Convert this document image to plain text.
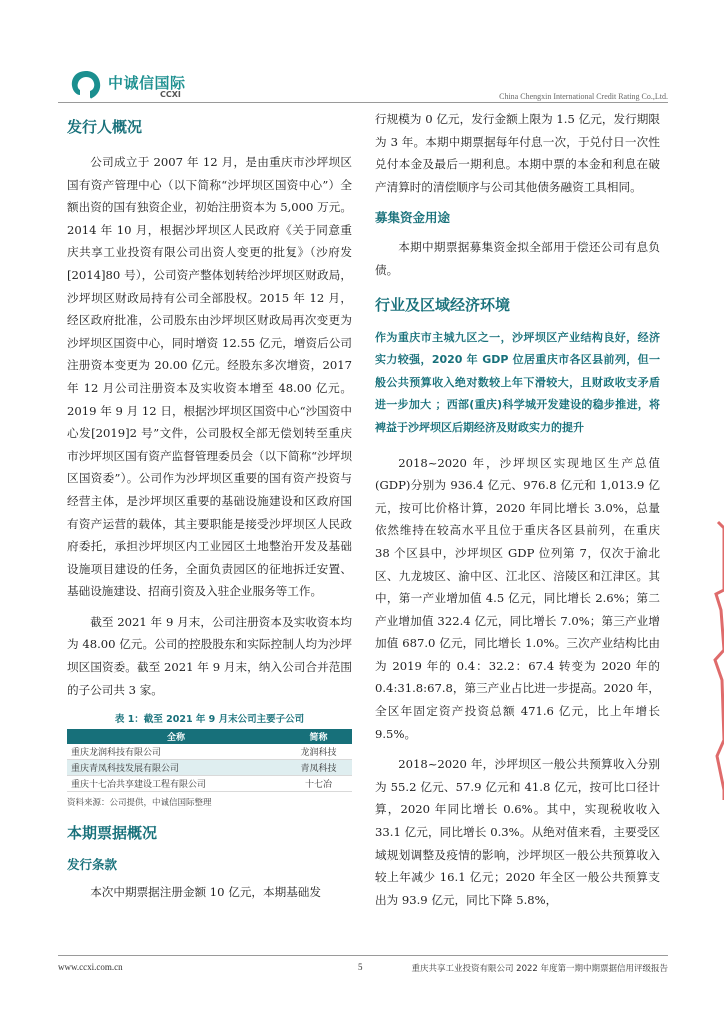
中诚信国际
CCXI	China Chengxin International Credit Rating Co.,Ltd.
发行人概况

公司成立于 2007 年 12 月，是由重庆市沙坪坝区国有资产管理中心（以下简称“沙坪坝区国资中心”）全额出资的国有独资企业，初始注册资本为 5,000 万元。2014 年 10 月，根据沙坪坝区人民政府《关于同意重庆共享工业投资有限公司出资人变更的批复》（沙府发[2014]80 号），公司资产整体划转给沙坪坝区财政局，沙坪坝区财政局持有公司全部股权。2015 年 12 月，经区政府批准，公司股东由沙坪坝区财政局再次变更为沙坪坝区国资中心，同时增资 12.55 亿元，增资后公司注册资本变更为 20.00 亿元。经股东多次增资，2017 年 12 月公司注册资本及实收资本增至 48.00 亿元。2019 年 9 月 12 日，根据沙坪坝区国资中心“沙国资中心发[2019]2 号”文件，公司股权全部无偿划转至重庆市沙坪坝区国有资产监督管理委员会（以下简称“沙坪坝区国资委”）。公司作为沙坪坝区重要的国有资产投资与经营主体，是沙坪坝区重要的基础设施建设和区政府国有资产运营的载体，其主要职能是接受沙坪坝区人民政府委托，承担沙坪坝区内工业园区土地整治开发及基础设施项目建设的任务，全面负责园区的征地拆迁安置、基础设施建设、招商引资及入驻企业服务等工作。

截至 2021 年 9 月末，公司注册资本及实收资本均为 48.00 亿元。公司的控股股东和实际控制人均为沙坪坝区国资委。截至 2021 年 9 月末，纳入公司合并范围的子公司共 3 家。

表 1：截至 2021 年 9 月末公司主要子公司
全称	简称
重庆龙润科技有限公司	龙润科技
重庆青凤科技发展有限公司	青凤科技
重庆十七冶共享建设工程有限公司	十七冶
资料来源：公司提供，中诚信国际整理
本期票据概况
发行条款

本次中期票据注册金额 10 亿元，本期基础发

行规模为 0 亿元，发行金额上限为 1.5 亿元，发行期限为 3 年。本期中期票据每年付息一次，于兑付日一次性兑付本金及最后一期利息。本期中票的本金和利息在破产清算时的清偿顺序与公司其他债务融资工具相同。

募集资金用途

本期中期票据募集资金拟全部用于偿还公司有息负债。

行业及区域经济环境

作为重庆市主城九区之一，沙坪坝区产业结构良好，经济实力较强，2020 年 GDP 位居重庆市各区县前列，但一般公共预算收入绝对数较上年下滑较大，且财政收支矛盾进一步加大 ；西部(重庆)科学城开发建设的稳步推进，将裨益于沙坪坝区后期经济及财政实力的提升

2018~2020 年，沙坪坝区实现地区生产总值(GDP)分别为 936.4 亿元、976.8 亿元和 1,013.9 亿元，按可比价格计算，2020 年同比增长 3.0%，总量依然维持在较高水平且位于重庆各区县前列，在重庆 38 个区县中，沙坪坝区 GDP 位列第 7，仅次于渝北区、九龙坡区、渝中区、江北区、涪陵区和江津区。其中，第一产业增加值 4.5 亿元，同比增长 2.6%；第二产业增加值 322.4 亿元，同比增长 7.0%；第三产业增加值 687.0 亿元，同比增长 1.0%。三次产业结构比由为 2019 年的 0.4：32.2：67.4 转变为 2020 年的 0.4:31.8:67.8，第三产业占比进一步提高。2020 年，全区年固定资产投资总额 471.6 亿元，比上年增长 9.5%。

2018~2020 年，沙坪坝区一般公共预算收入分别为 55.2 亿元、57.9 亿元和 41.8 亿元，按可比口径计算，2020 年同比增长 0.6%。其中，实现税收收入 33.1 亿元，同比增长 0.3%。从绝对值来看，主要受区域规划调整及疫情的影响，沙坪坝区一般公共预算收入较上年减少 16.1 亿元；2020 年全区一般公共预算支出为 93.9 亿元，同比下降 5.8%，

www.ccxi.com.cn	5	重庆共享工业投资有限公司 2022 年度第一期中期票据信用评级报告
